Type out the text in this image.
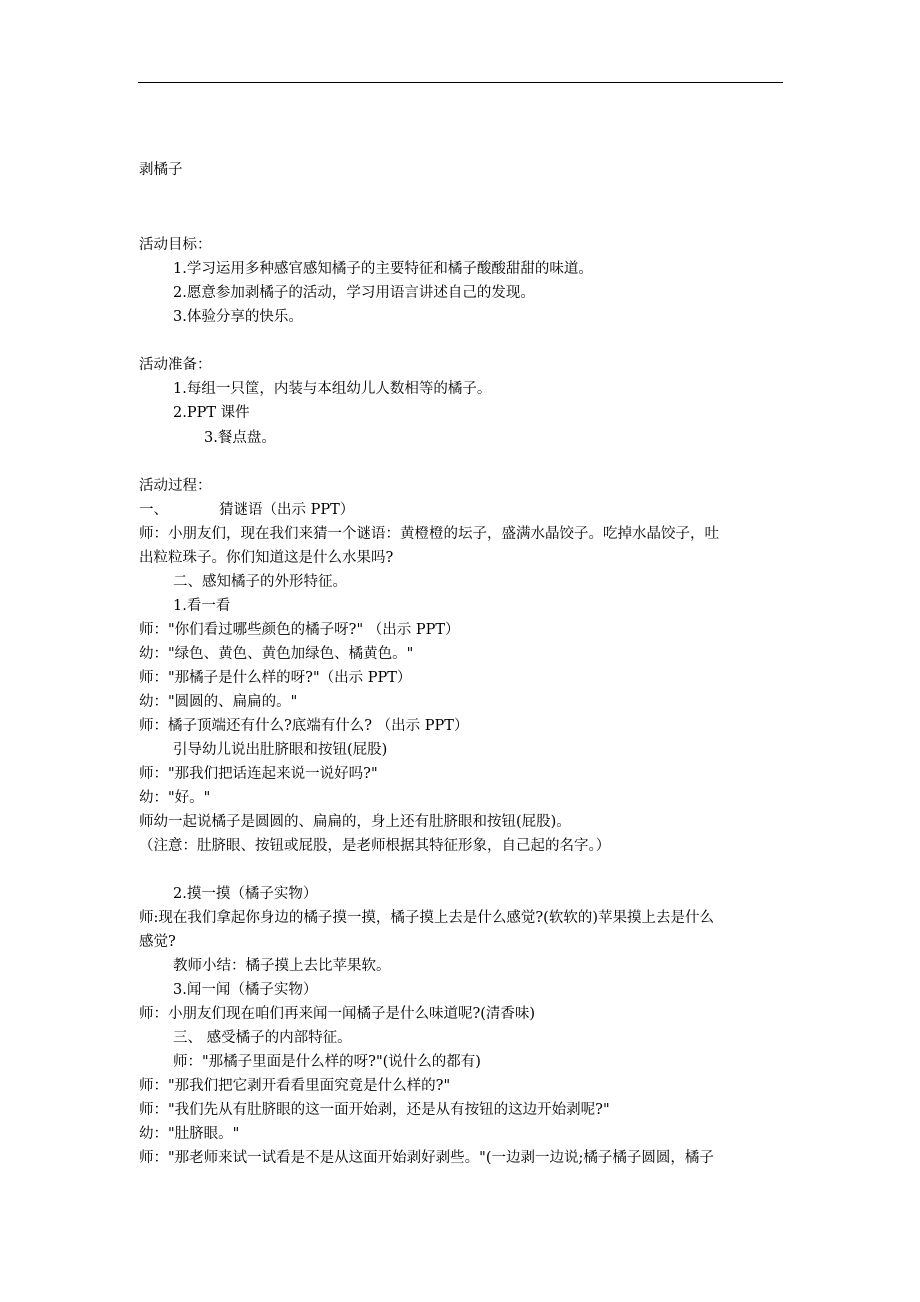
剥橘子
活动目标：
1.学习运用多种感官感知橘子的主要特征和橘子酸酸甜甜的味道。
2.愿意参加剥橘子的活动，学习用语言讲述自己的发现。
3.体验分享的快乐。
活动准备：
1.每组一只筐，内装与本组幼儿人数相等的橘子。
2.PPT 课件
3.餐点盘。
活动过程：
一、	猜谜语（出示 PPT）
师：小朋友们，现在我们来猜一个谜语：黄橙橙的坛子，盛满水晶饺子。吃掉水晶饺子，吐
出粒粒珠子。你们知道这是什么水果吗?
二、感知橘子的外形特征。
1.看一看
师："你们看过哪些颜色的橘子呀?" （出示 PPT）
幼："绿色、黄色、黄色加绿色、橘黄色。"
师："那橘子是什么样的呀?"（出示 PPT）
幼："圆圆的、扁扁的。"
师：橘子顶端还有什么?底端有什么? （出示 PPT）
引导幼儿说出肚脐眼和按钮(屁股)
师："那我们把话连起来说一说好吗?"
幼："好。"
师幼一起说橘子是圆圆的、扁扁的，身上还有肚脐眼和按钮(屁股)。
（注意：肚脐眼、按钮或屁股，是老师根据其特征形象，自己起的名字。）
2.摸一摸（橘子实物）
师:现在我们拿起你身边的橘子摸一摸，橘子摸上去是什么感觉?(软软的)苹果摸上去是什么
感觉?
教师小结：橘子摸上去比苹果软。
3.闻一闻（橘子实物）
师：小朋友们现在咱们再来闻一闻橘子是什么味道呢?(清香味)
三、 感受橘子的内部特征。
师："那橘子里面是什么样的呀?"(说什么的都有)
师："那我们把它剥开看看里面究竟是什么样的?"
师："我们先从有肚脐眼的这一面开始剥，还是从有按钮的这边开始剥呢?"
幼："肚脐眼。"
师："那老师来试一试看是不是从这面开始剥好剥些。"(一边剥一边说;橘子橘子圆圆，橘子
